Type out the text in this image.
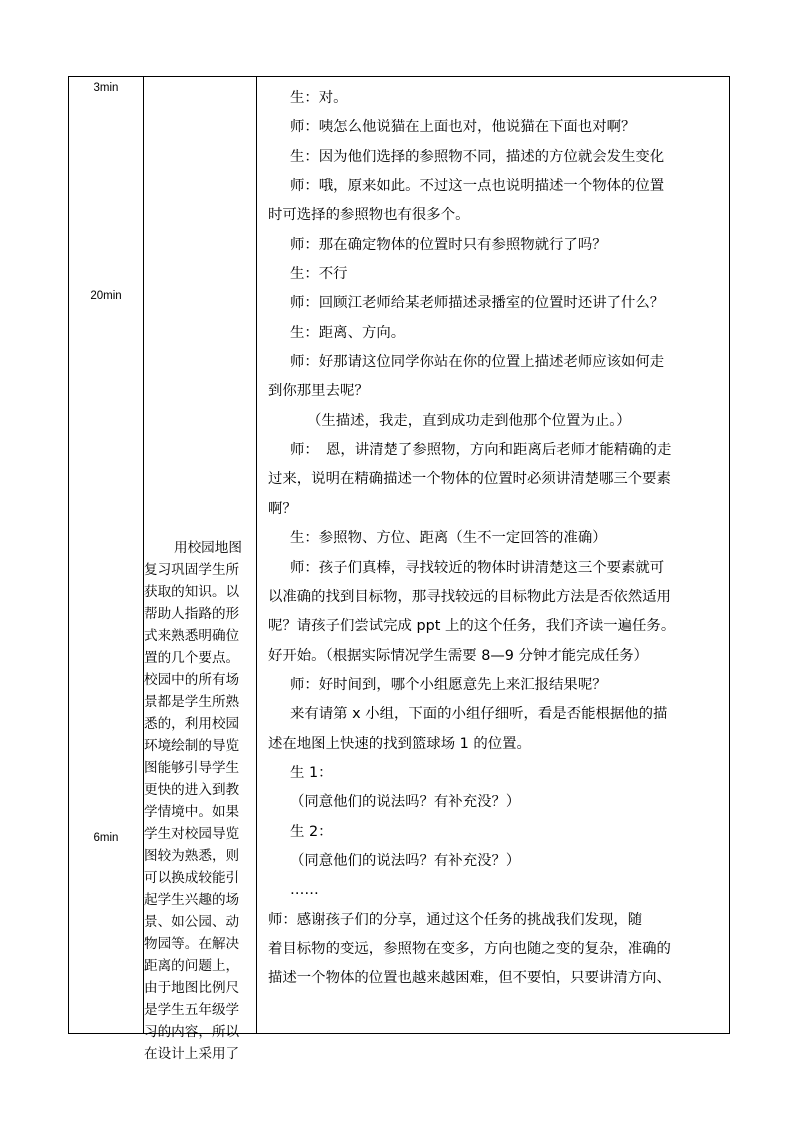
3min
20min
6min
用校园地图
复习巩固学生所
获取的知识。以
帮助人指路的形
式来熟悉明确位
置的几个要点。
校园中的所有场
景都是学生所熟
悉的，利用校园
环境绘制的导览
图能够引导学生
更快的进入到教
学情境中。如果
学生对校园导览
图较为熟悉，则
可以换成较能引
起学生兴趣的场
景、如公园、动
物园等。在解决
距离的问题上，
由于地图比例尺
是学生五年级学
习的内容，所以
在设计上采用了
生：对。
师：咦怎么他说猫在上面也对，他说猫在下面也对啊？
生：因为他们选择的参照物不同，描述的方位就会发生变化
师：哦，原来如此。不过这一点也说明描述一个物体的位置
时可选择的参照物也有很多个。
师：那在确定物体的位置时只有参照物就行了吗？
生：不行
师：回顾江老师给某老师描述录播室的位置时还讲了什么？
生：距离、方向。
师：好那请这位同学你站在你的位置上描述老师应该如何走
到你那里去呢？
（生描述，我走，直到成功走到他那个位置为止。）
师：　恩，讲清楚了参照物，方向和距离后老师才能精确的走
过来，说明在精确描述一个物体的位置时必须讲清楚哪三个要素
啊？
生：参照物、方位、距离（生不一定回答的准确）
师：孩子们真棒，寻找较近的物体时讲清楚这三个要素就可
以准确的找到目标物，那寻找较远的目标物此方法是否依然适用
呢？请孩子们尝试完成 ppt 上的这个任务，我们齐读一遍任务。
好开始。（根据实际情况学生需要 8—9 分钟才能完成任务）
师：好时间到，哪个小组愿意先上来汇报结果呢？
来有请第 x 小组，下面的小组仔细听，看是否能根据他的描
述在地图上快速的找到篮球场 1 的位置。
生 1：
（同意他们的说法吗？有补充没？）
生 2：
（同意他们的说法吗？有补充没？）
……
师：感谢孩子们的分享，通过这个任务的挑战我们发现，随
着目标物的变远，参照物在变多，方向也随之变的复杂，准确的
描述一个物体的位置也越来越困难，但不要怕，只要讲清方向、
